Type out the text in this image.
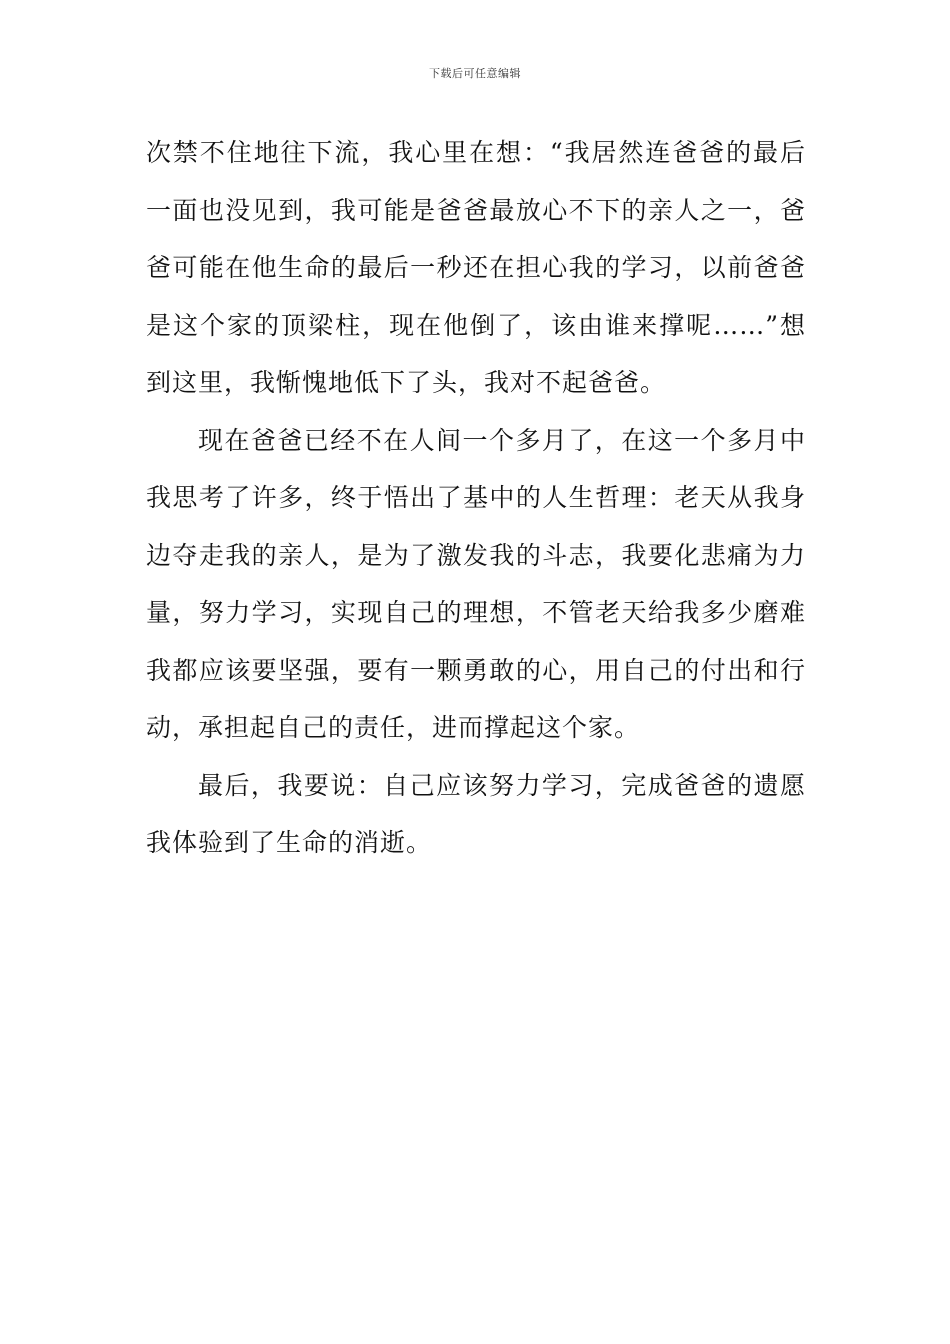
下载后可任意编辑
次禁不住地往下流，我心里在想：“我居然连爸爸的最后
一面也没见到，我可能是爸爸最放心不下的亲人之一，爸
爸可能在他生命的最后一秒还在担心我的学习，以前爸爸
是这个家的顶梁柱，现在他倒了，该由谁来撑呢……”想
到这里，我惭愧地低下了头，我对不起爸爸。
现在爸爸已经不在人间一个多月了，在这一个多月中
我思考了许多，终于悟出了基中的人生哲理：老天从我身
边夺走我的亲人，是为了激发我的斗志，我要化悲痛为力
量，努力学习，实现自己的理想，不管老天给我多少磨难
我都应该要坚强，要有一颗勇敢的心，用自己的付出和行
动，承担起自己的责任，进而撑起这个家。
最后，我要说：自己应该努力学习，完成爸爸的遗愿
我体验到了生命的消逝。
